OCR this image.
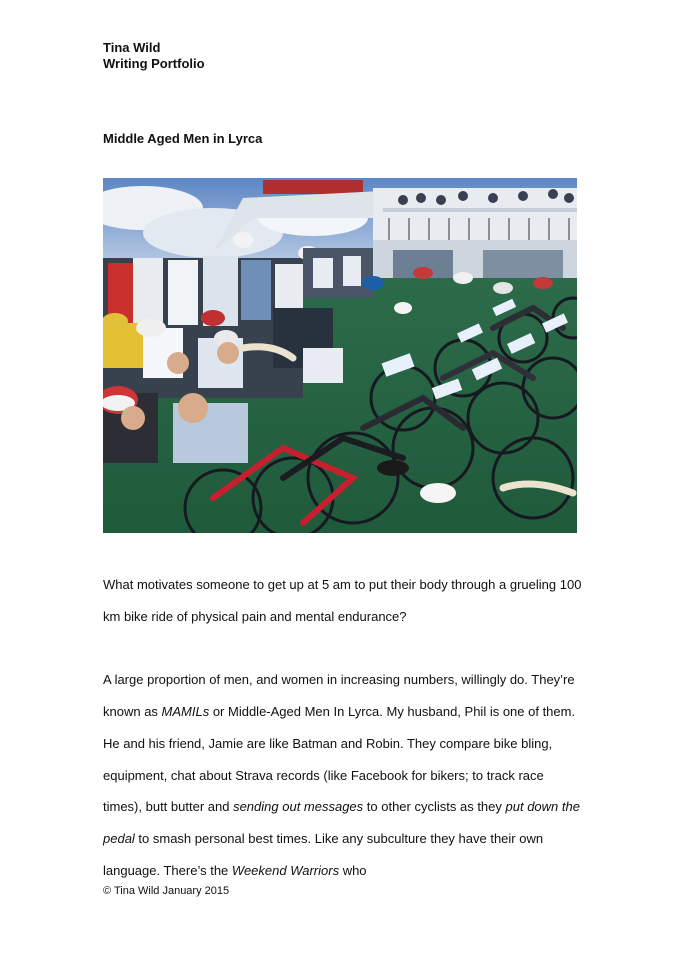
Tina Wild
Writing Portfolio
Middle Aged Men in Lyrca

What motivates someone to get up at 5 am to put their body through a grueling 100 km bike ride of physical pain and mental endurance?

A large proportion of men, and women in increasing numbers, willingly do. They’re known as MAMILs or Middle-Aged Men In Lyrca. My husband, Phil is one of them. He and his friend, Jamie are like Batman and Robin. They compare bike bling, equipment, chat about Strava records (like Facebook for bikers; to track race times), butt butter and sending out messages to other cyclists as they put down the pedal to smash personal best times. Like any subculture they have their own language. There’s the Weekend Warriors who

© Tina Wild January 2015
